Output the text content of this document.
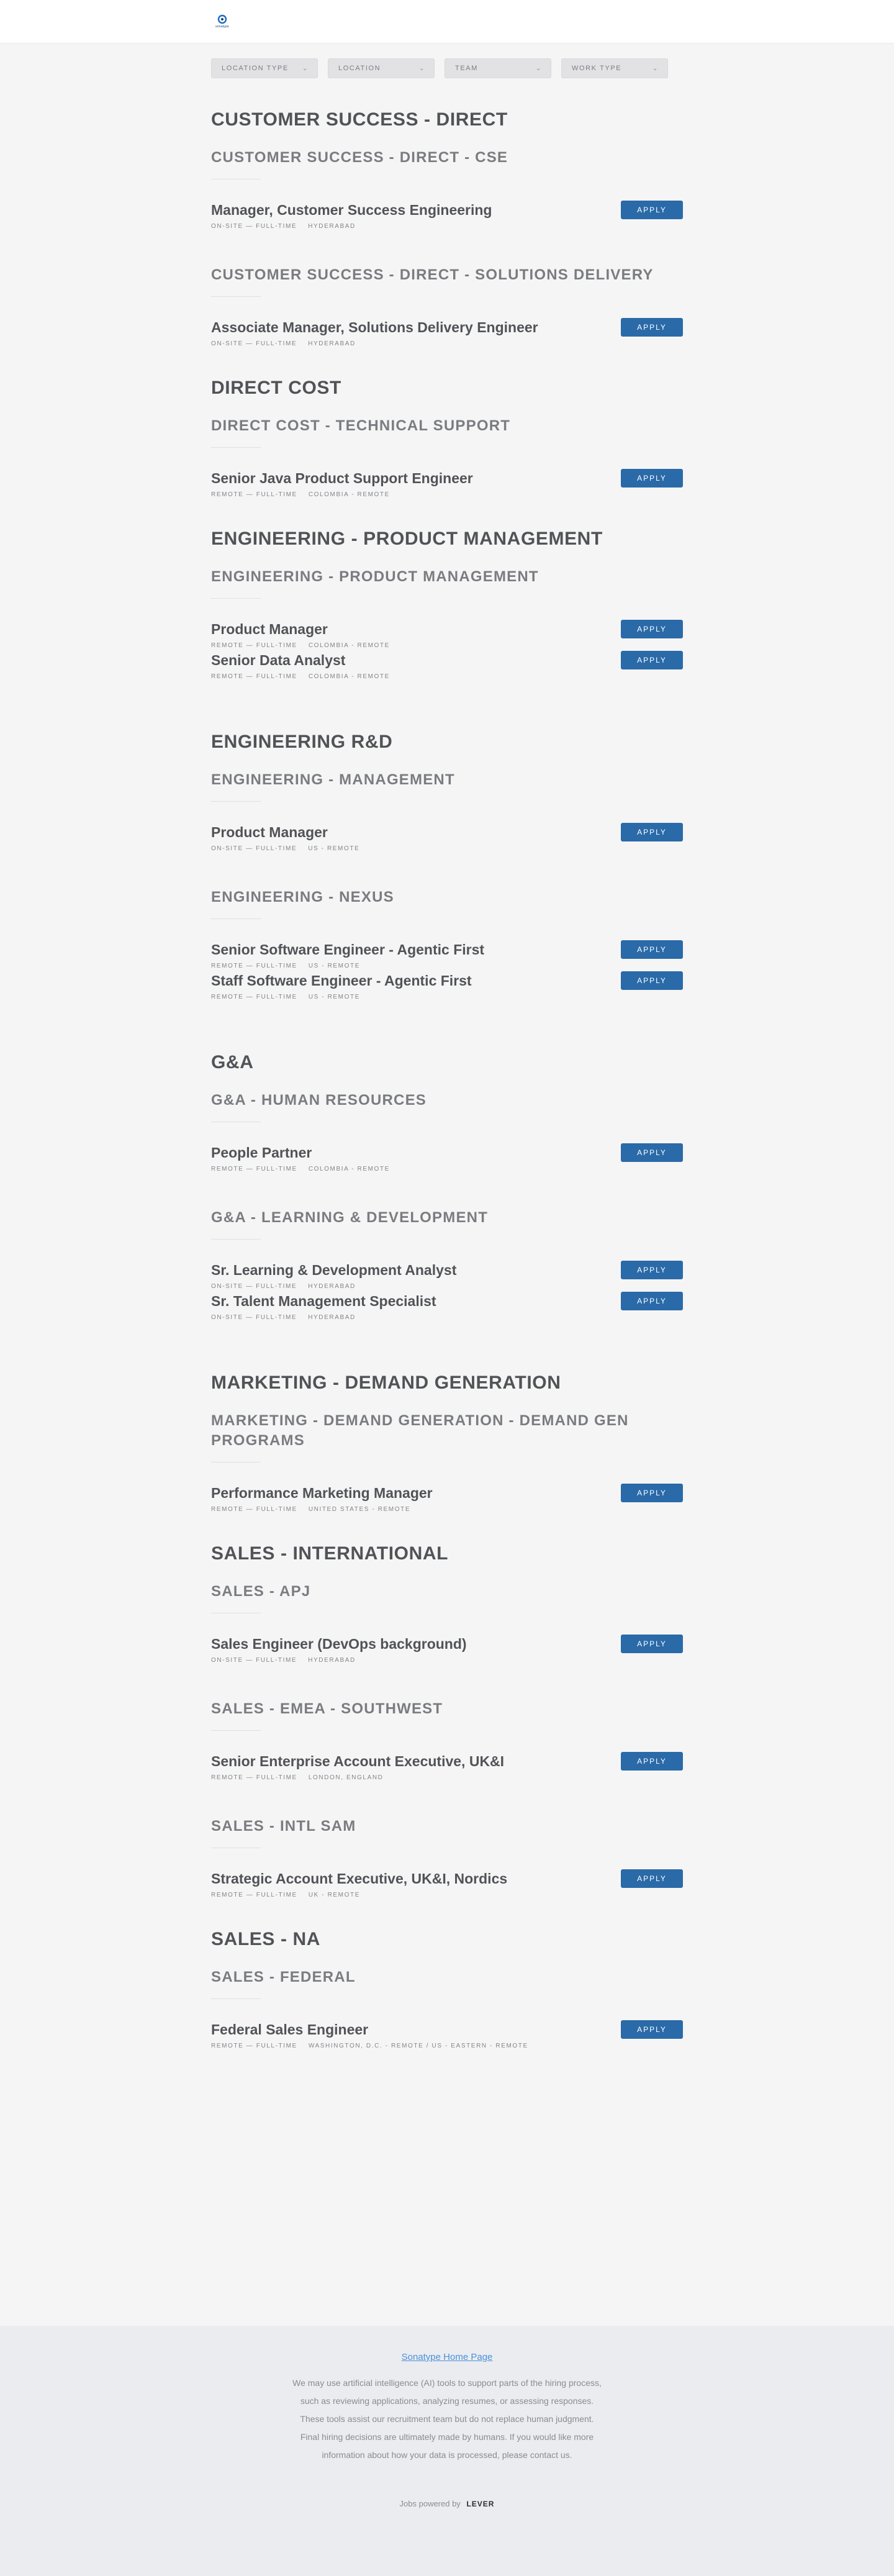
sonatype
LOCATION TYPE ⌄	LOCATION	⌄	TEAM	⌄	WORK TYPE	⌄
CUSTOMER SUCCESS - DIRECT
CUSTOMER SUCCESS - DIRECT - CSE
APPLY
Manager, Customer Success Engineering
ON-SITE — FULL-TIME HYDERABAD
CUSTOMER SUCCESS - DIRECT - SOLUTIONS DELIVERY
APPLY
Associate Manager, Solutions Delivery Engineer
ON-SITE — FULL-TIME HYDERABAD
DIRECT COST
DIRECT COST - TECHNICAL SUPPORT
APPLY
Senior Java Product Support Engineer
REMOTE — FULL-TIME COLOMBIA - REMOTE
ENGINEERING - PRODUCT MANAGEMENT
ENGINEERING - PRODUCT MANAGEMENT
APPLY
Product Manager
REMOTE — FULL-TIME COLOMBIA - REMOTE
APPLY
Senior Data Analyst
REMOTE — FULL-TIME COLOMBIA - REMOTE
ENGINEERING R&D
ENGINEERING - MANAGEMENT
APPLY
Product Manager
ON-SITE — FULL-TIME US - REMOTE
ENGINEERING - NEXUS
APPLY
Senior Software Engineer - Agentic First
REMOTE — FULL-TIME US - REMOTE
APPLY
Staff Software Engineer - Agentic First
REMOTE — FULL-TIME US - REMOTE
G&A
G&A - HUMAN RESOURCES
APPLY
People Partner
REMOTE — FULL-TIME COLOMBIA - REMOTE
G&A - LEARNING & DEVELOPMENT
APPLY
Sr. Learning & Development Analyst
ON-SITE — FULL-TIME HYDERABAD
APPLY
Sr. Talent Management Specialist
ON-SITE — FULL-TIME HYDERABAD
MARKETING - DEMAND GENERATION
MARKETING - DEMAND GENERATION - DEMAND GEN PROGRAMS
APPLY
Performance Marketing Manager
REMOTE — FULL-TIME UNITED STATES - REMOTE
SALES - INTERNATIONAL
SALES - APJ
APPLY
Sales Engineer (DevOps background)
ON-SITE — FULL-TIME HYDERABAD
SALES - EMEA - SOUTHWEST
APPLY
Senior Enterprise Account Executive, UK&I
REMOTE — FULL-TIME LONDON, ENGLAND
SALES - INTL SAM
APPLY
Strategic Account Executive, UK&I, Nordics
REMOTE — FULL-TIME UK - REMOTE
SALES - NA
SALES - FEDERAL
APPLY
Federal Sales Engineer
REMOTE — FULL-TIME WASHINGTON, D.C. - REMOTE / US - EASTERN - REMOTE
Sonatype Home Page

We may use artificial intelligence (AI) tools to support parts of the hiring process, such as reviewing applications, analyzing resumes, or assessing responses. These tools assist our recruitment team but do not replace human judgment. Final hiring decisions are ultimately made by humans. If you would like more information about how your data is processed, please contact us.

Jobs powered by LEVER
